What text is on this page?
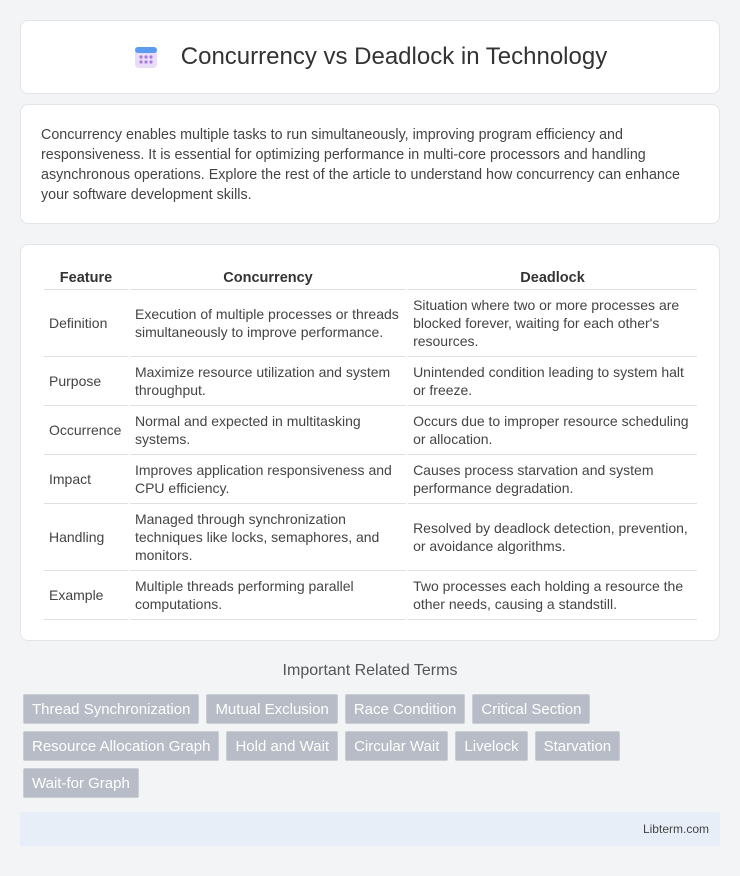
Concurrency vs Deadlock in Technology

Concurrency enables multiple tasks to run simultaneously, improving program efficiency and responsiveness. It is essential for optimizing performance in multi-core processors and handling asynchronous operations. Explore the rest of the article to understand how concurrency can enhance your software development skills.

Feature	Concurrency	Deadlock
Definition	Execution of multiple processes or threads simultaneously to improve performance.	Situation where two or more processes are blocked forever, waiting for each other's resources.
Purpose	Maximize resource utilization and system throughput.	Unintended condition leading to system halt or freeze.
Occurrence	Normal and expected in multitasking systems.	Occurs due to improper resource scheduling or allocation.
Impact	Improves application responsiveness and CPU efficiency.	Causes process starvation and system performance degradation.
Handling	Managed through synchronization techniques like locks, semaphores, and monitors.	Resolved by deadlock detection, prevention, or avoidance algorithms.
Example	Multiple threads performing parallel computations.	Two processes each holding a resource the other needs, causing a standstill.
Important Related Terms
Thread Synchronization	Mutual Exclusion	Race Condition	Critical Section
Resource Allocation Graph	Hold and Wait	Circular Wait	Livelock	Starvation
Wait-for Graph
Libterm.com
